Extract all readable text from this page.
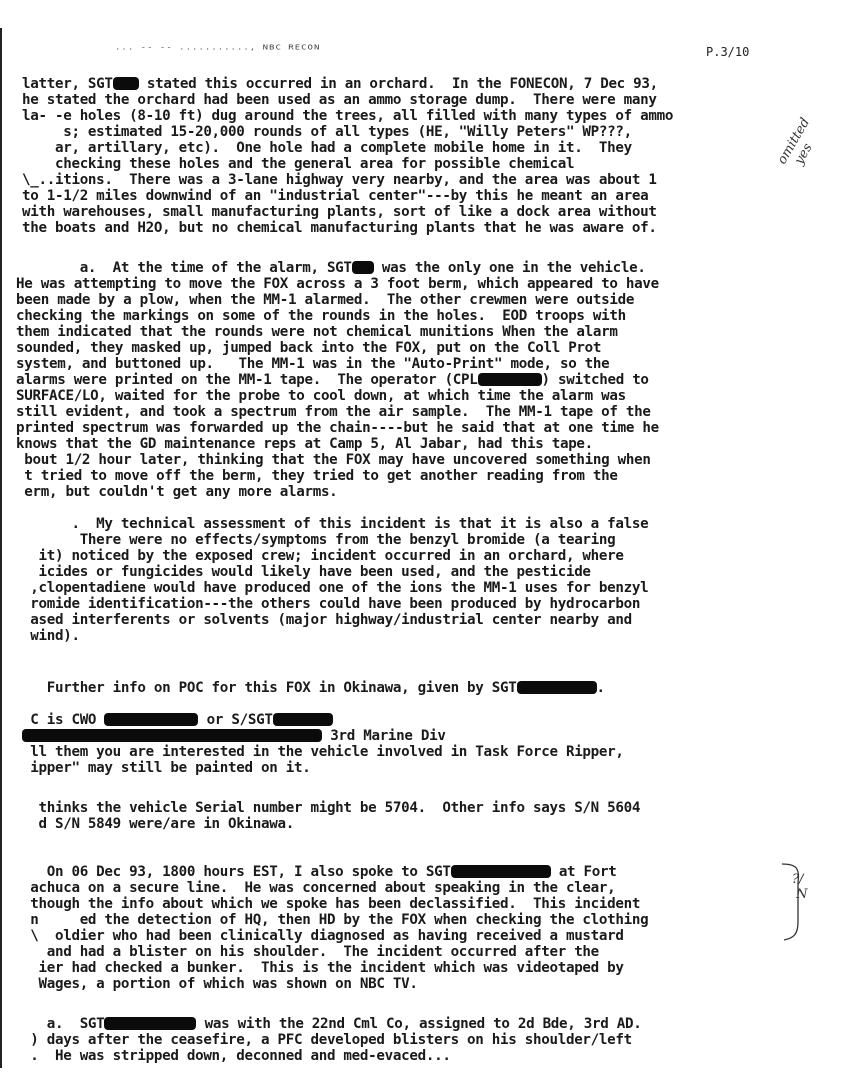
... -- -- ..........., NBC RECON	P.3/10
latter, SGT stated this occurred in an orchard.  In the FONECON, 7 Dec 93,
he stated the orchard had been used as an ammo storage dump.  There were many
la- -e holes (8-10 ft) dug around the trees, all filled with many types of ammo
s; estimated 15-20,000 rounds of all types (HE, "Willy Peters" WP???,
ar, artillary, etc).  One hole had a complete mobile home in it.  They
checking these holes and the general area for possible chemical
\_..itions.  There was a 3-lane highway very nearby, and the area was about 1
to 1-1/2 miles downwind of an "industrial center"---by this he meant an area
with warehouses, small manufacturing plants, sort of like a dock area without
the boats and H2O, but no chemical manufacturing plants that he was aware of.
a.  At the time of the alarm, SGT was the only one in the vehicle.
He was attempting to move the FOX across a 3 foot berm, which appeared to have
been made by a plow, when the MM-1 alarmed.  The other crewmen were outside
checking the markings on some of the rounds in the holes.  EOD troops with
them indicated that the rounds were not chemical munitions When the alarm
sounded, they masked up, jumped back into the FOX, put on the Coll Prot
system, and buttoned up.   The MM-1 was in the "Auto-Print" mode, so the
alarms were printed on the MM-1 tape.  The operator (CPL	) switched to
SURFACE/LO, waited for the probe to cool down, at which time the alarm was
still evident, and took a spectrum from the air sample.  The MM-1 tape of the
printed spectrum was forwarded up the chain----but he said that at one time he
knows that the GD maintenance reps at Camp 5, Al Jabar, had this tape.
bout 1/2 hour later, thinking that the FOX may have uncovered something when
t tried to move off the berm, they tried to get another reading from the
erm, but couldn't get any more alarms.
.  My technical assessment of this incident is that it is also a false
There were no effects/symptoms from the benzyl bromide (a tearing
it) noticed by the exposed crew; incident occurred in an orchard, where
icides or fungicides would likely have been used, and the pesticide
,clopentadiene would have produced one of the ions the MM-1 uses for benzyl
romide identification---the others could have been produced by hydrocarbon
ased interferents or solvents (major highway/industrial center nearby and
wind).
Further info on POC for this FOX in Okinawa, given by SGT	.
C is CWO	or S/SGT
3rd Marine Div
ll them you are interested in the vehicle involved in Task Force Ripper,
ipper" may still be painted on it.
thinks the vehicle Serial number might be 5704.  Other info says S/N 5604
d S/N 5849 were/are in Okinawa.
On 06 Dec 93, 1800 hours EST, I also spoke to SGT	at Fort
achuca on a secure line.  He was concerned about speaking in the clear,
though the info about which we spoke has been declassified.  This incident
n     ed the detection of HQ, then HD by the FOX when checking the clothing
\  oldier who had been clinically diagnosed as having received a mustard
and had a blister on his shoulder.  The incident occurred after the
ier had checked a bunker.  This is the incident which was videotaped by
Wages, a portion of which was shown on NBC TV.
a.  SGT	was with the 22nd Cml Co, assigned to 2d Bde, 3rd AD.
) days after the ceasefire, a PFC developed blisters on his shoulder/left
.  He was stripped down, deconned and med-evaced...
omitted
yes
?/
N
